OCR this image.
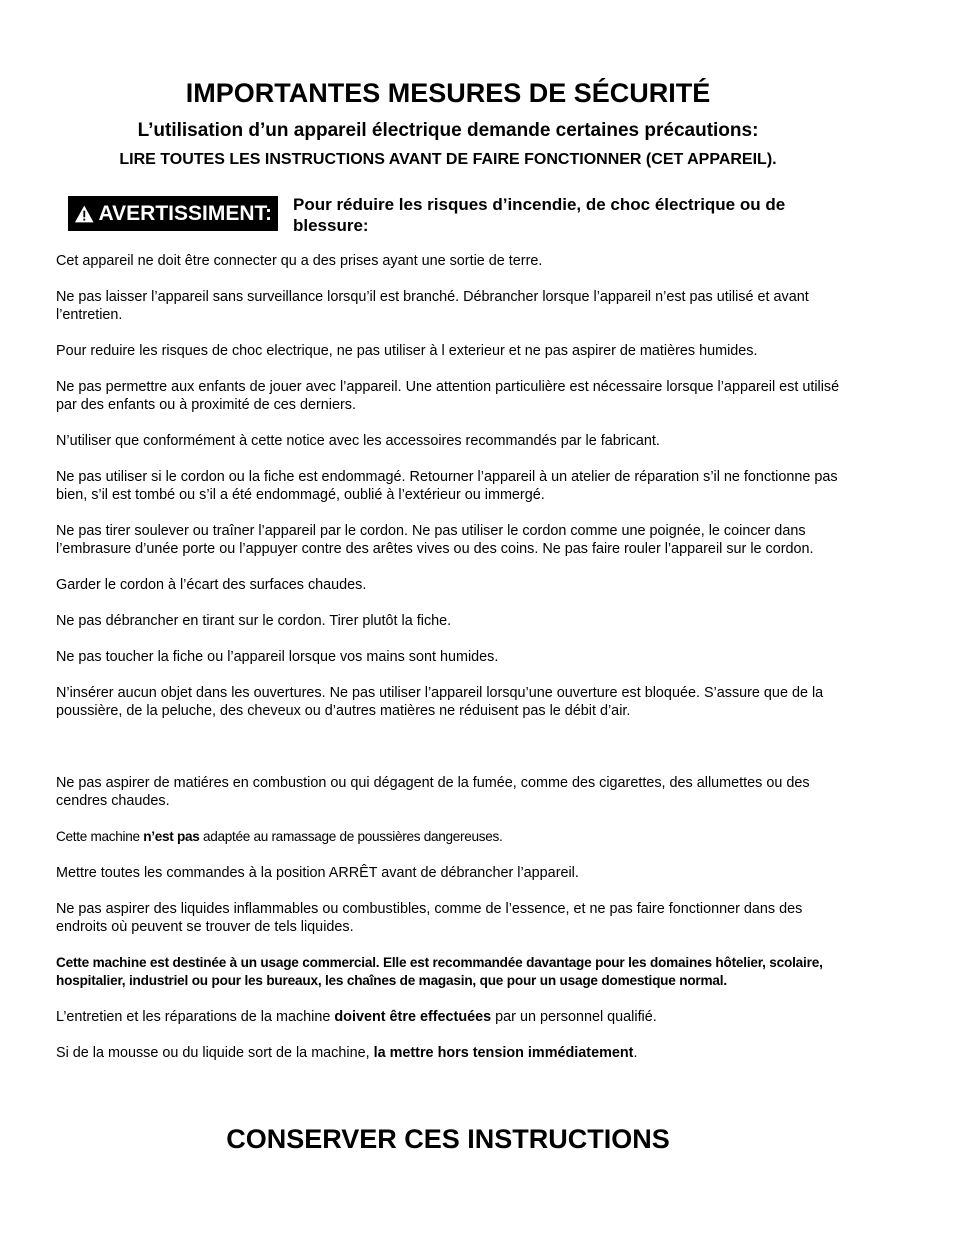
IMPORTANTES MESURES DE SÉCURITÉ
L’utilisation d’un appareil électrique demande certaines précautions:

LIRE TOUTES LES INSTRUCTIONS AVANT DE FAIRE FONCTIONNER (CET APPAREIL).

AVERTISSIMENT: Pour réduire les risques d’incendie, de choc électrique ou de blessure:

Cet appareil ne doit être connecter qu a des prises ayant une sortie de terre.

Ne pas laisser l’appareil sans surveillance lorsqu’il est branché. Débrancher lorsque l’appareil n’est pas utilisé et avant l’entretien.

Pour reduire les risques de choc electrique, ne pas utiliser à l exterieur et ne pas aspirer de matières humides.

Ne pas permettre aux enfants de jouer avec l’appareil. Une attention particulière est nécessaire lorsque l’appareil est utilisé par des enfants ou à proximité de ces derniers.

N’utiliser que conformément à cette notice avec les accessoires recommandés par le fabricant.

Ne pas utiliser si le cordon ou la fiche est endommagé. Retourner l’appareil à un atelier de réparation s’il ne fonctionne pas bien, s’il est tombé ou s’il a été endommagé, oublié à l’extérieur ou immergé.

Ne pas tirer soulever ou traîner l’appareil par le cordon. Ne pas utiliser le cordon comme une poignée, le coincer dans l’embrasure d’unée porte ou l’appuyer contre des arêtes vives ou des coins. Ne pas faire rouler l’appareil sur le cordon.

Garder le cordon à l’écart des surfaces chaudes.

Ne pas débrancher en tirant sur le cordon. Tirer plutôt la fiche.

Ne pas toucher la fiche ou l’appareil lorsque vos mains sont humides.

N’insérer aucun objet dans les ouvertures. Ne pas utiliser l’appareil lorsqu’une ouverture est bloquée. S’assure que de la poussière, de la peluche, des cheveux ou d’autres matières ne réduisent pas le débit d’air.

Ne pas aspirer de matiéres en combustion ou qui dégagent de la fumée, comme des cigarettes, des allumettes ou des cendres chaudes.

Cette machine n’est pas adaptée au ramassage de poussières dangereuses.

Mettre toutes les commandes à la position ARRÊT avant de débrancher l’appareil.

Ne pas aspirer des liquides inflammables ou combustibles, comme de l’essence, et ne pas faire fonctionner dans des endroits où peuvent se trouver de tels liquides.

Cette machine est destinée à un usage commercial. Elle est recommandée davantage pour les domaines hôtelier, scolaire, hospitalier, industriel ou pour les bureaux, les chaînes de magasin, que pour un usage domestique normal.

L’entretien et les réparations de la machine doivent être effectuées par un personnel qualifié.

Si de la mousse ou du liquide sort de la machine, la mettre hors tension immédiatement.

CONSERVER CES INSTRUCTIONS
